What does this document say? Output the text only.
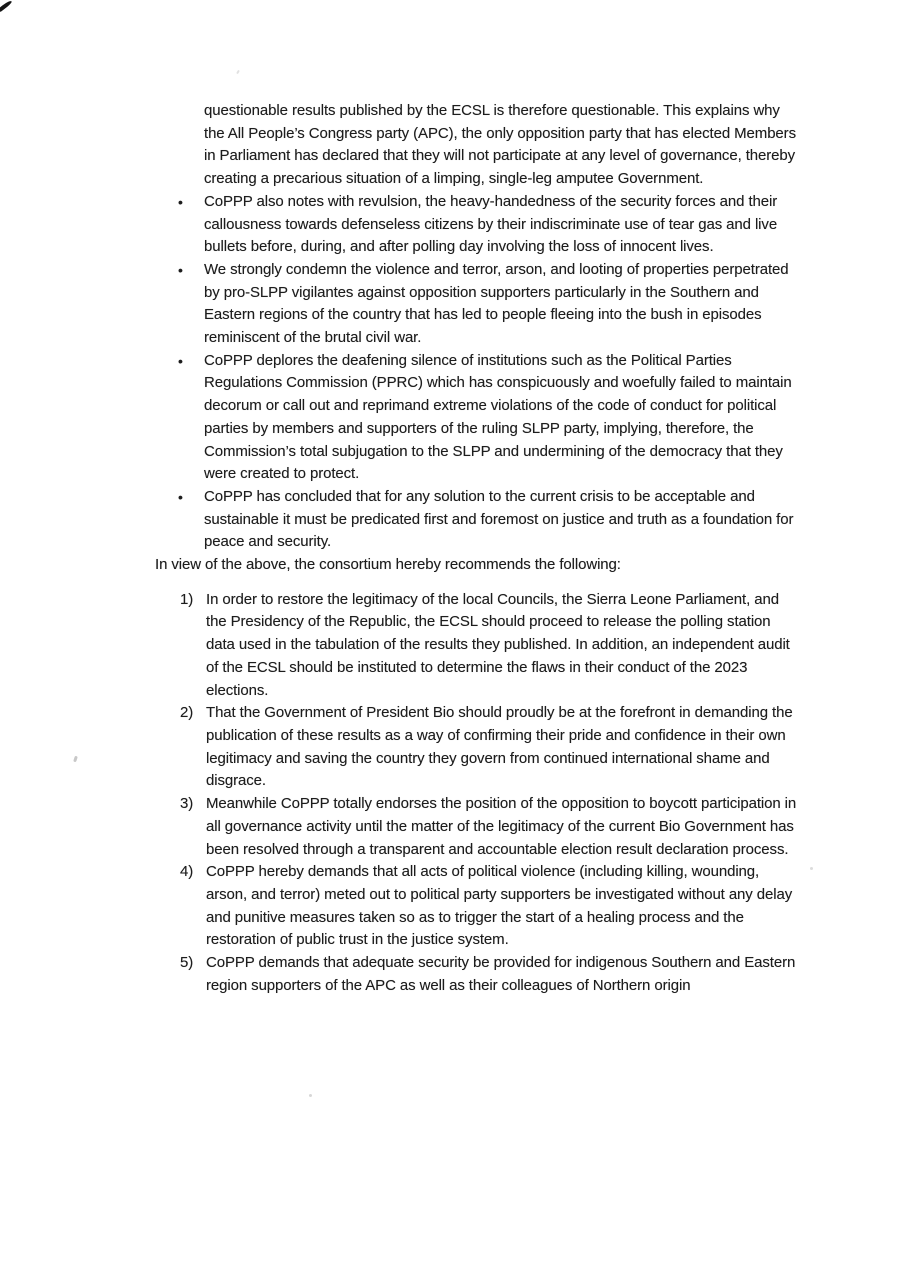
questionable results published by the ECSL is therefore questionable. This explains why the All People’s Congress party (APC), the only opposition party that has elected Members in Parliament has declared that they will not participate at any level of governance, thereby creating a precarious situation of a limping, single-leg amputee Government.

•	CoPPP also notes with revulsion, the heavy-handedness of the security forces and their callousness towards defenseless citizens by their indiscriminate use of tear gas and live bullets before, during, and after polling day involving the loss of innocent lives.
•	We strongly condemn the violence and terror, arson, and looting of properties perpetrated by pro-SLPP vigilantes against opposition supporters particularly in the Southern and Eastern regions of the country that has led to people fleeing into the bush in episodes reminiscent of the brutal civil war.
•	CoPPP deplores the deafening silence of institutions such as the Political Parties Regulations Commission (PPRC) which has conspicuously and woefully failed to maintain decorum or call out and reprimand extreme violations of the code of conduct for political parties by members and supporters of the ruling SLPP party, implying, therefore, the Commission’s total subjugation to the SLPP and undermining of the democracy that they were created to protect.
•	CoPPP has concluded that for any solution to the current crisis to be acceptable and sustainable it must be predicated first and foremost on justice and truth as a foundation for peace and security.

In view of the above, the consortium hereby recommends the following:

1) In order to restore the legitimacy of the local Councils, the Sierra Leone Parliament, and the Presidency of the Republic, the ECSL should proceed to release the polling station data used in the tabulation of the results they published. In addition, an independent audit of the ECSL should be instituted to determine the flaws in their conduct of the 2023 elections.
2) That the Government of President Bio should proudly be at the forefront in demanding the publication of these results as a way of confirming their pride and confidence in their own legitimacy and saving the country they govern from continued international shame and disgrace.
3) Meanwhile CoPPP totally endorses the position of the opposition to boycott participation in all governance activity until the matter of the legitimacy of the current Bio Government has been resolved through a transparent and accountable election result declaration process.
4) CoPPP hereby demands that all acts of political violence (including killing, wounding, arson, and terror) meted out to political party supporters be investigated without any delay and punitive measures taken so as to trigger the start of a healing process and the restoration of public trust in the justice system.
5) CoPPP demands that adequate security be provided for indigenous Southern and Eastern region supporters of the APC as well as their colleagues of Northern origin
